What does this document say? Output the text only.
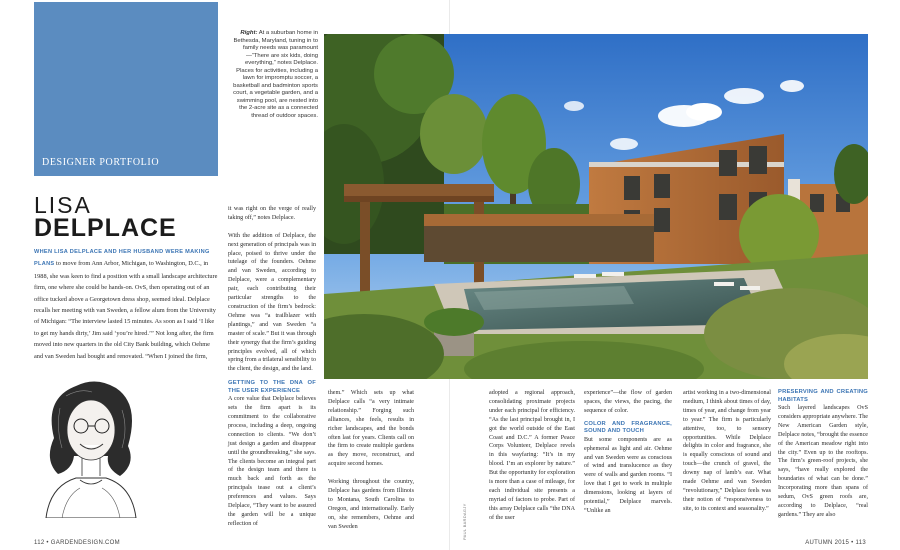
DESIGNER PORTFOLIO
LISA
DELPLACE
WHEN LISA DELPLACE AND HER HUSBAND WERE MAKING PLANS to move from Ann Arbor, Michigan, to Washington, D.C., in 1988, she was keen to find a position with a small landscape architecture firm, one where she could be hands-on. OvS, then operating out of an office tucked above a Georgetown dress shop, seemed ideal. Delplace recalls her meeting with van Sweden, a fellow alum from the University of Michigan: “The interview lasted 15 minutes. As soon as I said ‘I like to get my hands dirty,’ Jim said ‘you’re hired.’” Not long after, the firm moved into new quarters in the old City Bank building, which Oehme and van Sweden had bought and renovated. “When I joined the firm,
it was right on the verge of really taking off,” notes Delplace.

With the addition of Delplace, the next generation of principals was in place, poised to thrive under the tutelage of the founders. Oehme and van Sweden, according to Delplace, were a complementary pair, each contributing their particular strengths to the construction of the firm’s bedrock: Oehme was “a trailblazer with plantings,” and van Sweden “a master of scale.” But it was through their synergy that the firm’s guiding principles evolved, all of which spring from a trilateral sensibility to the client, the design, and the land.
GETTING TO THE DNA OF THE USER EXPERIENCE
A core value that Delplace believes sets the firm apart is its commitment to the collaborative process, including a deep, ongoing connection to clients. “We don’t just design a garden and disappear until the groundbreaking,” she says. The clients become an integral part of the design team and there is much back and forth as the principals tease out a client’s preferences and values. Says Delplace, “They want to be assured the garden will be a unique reflection of
112 • GARDENDESIGN.COM
Right: At a suburban home in Bethesda, Maryland, tuning in to family needs was paramount—“There are six kids, doing everything,” notes Delplace. Places for activities, including a lawn for impromptu soccer, a basketball and badminton sports court, a vegetable garden, and a swimming pool, are nested into the 2-acre site as a connected thread of outdoor spaces.
PAUL BARDAGJY
them.” Which sets up what Delplace calls “a very intimate relationship.” Forging such alliances, she feels, results in richer landscapes, and the bonds often last for years. Clients call on the firm to create multiple gardens as they move, reconstruct, and acquire second homes.

Working throughout the country, Delplace has gardens from Illinois to Montana, South Carolina to Oregon, and internationally. Early on, she remembers, Oehme and van Sweden
adopted a regional approach, consolidating proximate projects under each principal for efficiency. “As the last principal brought in, I got the world outside of the East Coast and D.C.” A former Peace Corps Volunteer, Delplace revels in this wayfaring: “It’s in my blood. I’m an explorer by nature.” But the opportunity for exploration is more than a case of mileage, for each individual site presents a myriad of factors to probe. Part of this array Delplace calls “the DNA of the user
experience”—the flow of garden spaces, the views, the pacing, the sequence of color.
COLOR AND FRAGRANCE, SOUND AND TOUCH
But some components are as ephemeral as light and air. Oehme and van Sweden were as conscious of wind and translucence as they were of walls and garden rooms. “I love that I get to work in multiple dimensions, looking at layers of potential,” Delplace marvels. “Unlike an
artist working in a two-dimensional medium, I think about times of day, times of year, and change from year to year.” The firm is particularly attentive, too, to sensory opportunities. While Delplace delights in color and fragrance, she is equally conscious of sound and touch—the crunch of gravel, the downy nap of lamb’s ear. What made Oehme and van Sweden “revolutionary,” Delplace feels was their notion of “responsiveness to site, to its context and seasonality.”
PRESERVING AND CREATING HABITATS
Such layered landscapes OvS considers appropriate anywhere. The New American Garden style, Delplace notes, “brought the essence of the American meadow right into the city.” Even up to the rooftops. The firm’s green-roof projects, she says, “have really explored the boundaries of what can be done.” Incorporating more than spans of sedum, OvS green roofs are, according to Delplace, “real gardens.” They are also
AUTUMN 2015 • 113
